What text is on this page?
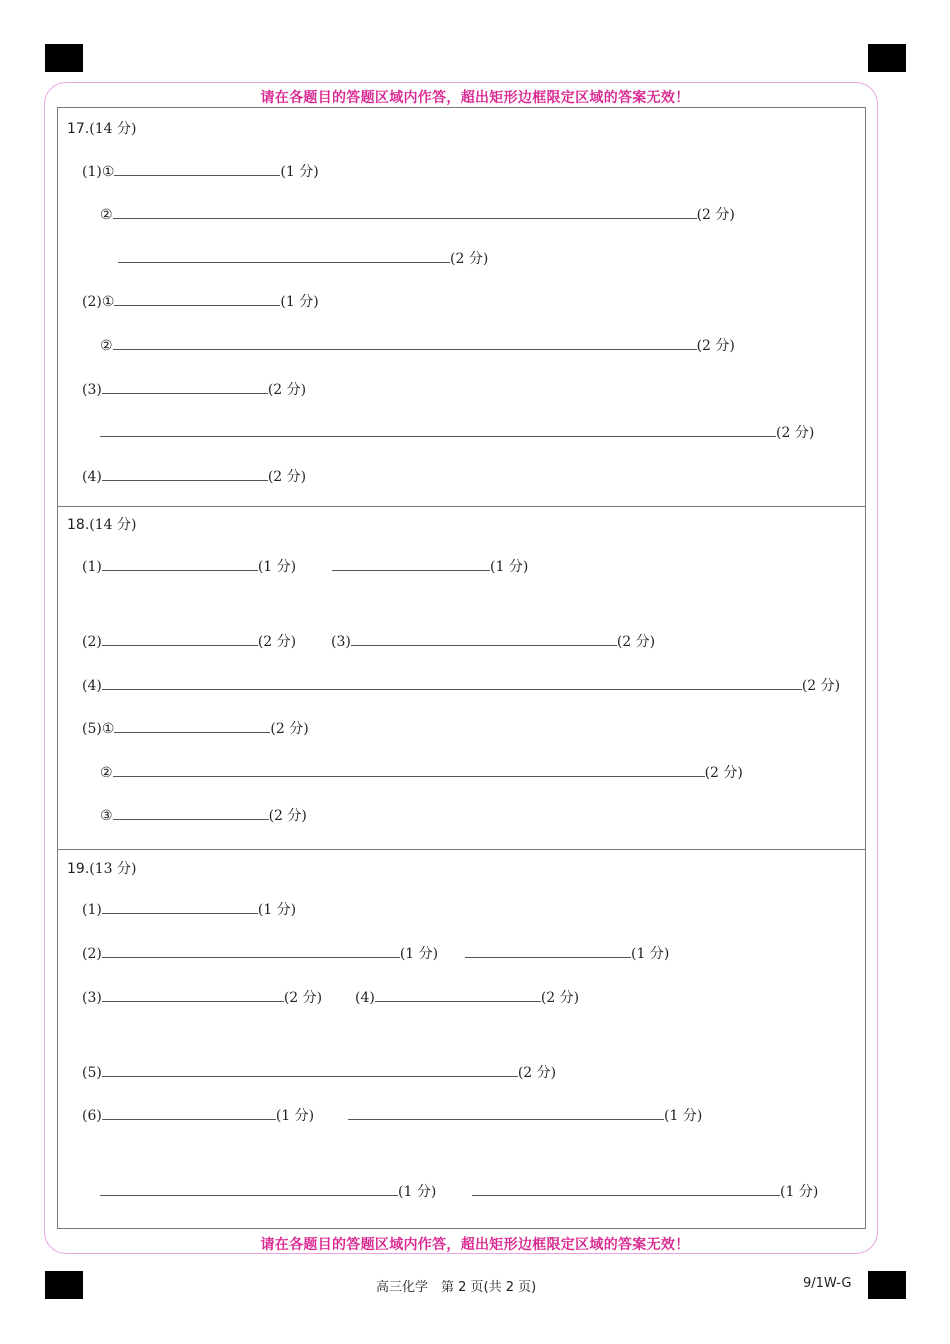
请在各题目的答题区域内作答，超出矩形边框限定区域的答案无效！
请在各题目的答题区域内作答，超出矩形边框限定区域的答案无效！
17.(14 分)
(1)①	(1 分)
②	(2 分)
(2 分)
(2)①	(1 分)
②	(2 分)
(3)	(2 分)
(2 分)
(4)	(2 分)
18.(14 分)
(1)	(1 分)	(1 分)
(2)	(2 分) (3)	(2 分)
(4)	(2 分)
(5)①	(2 分)
②	(2 分)
③	(2 分)
19.(13 分)
(1)	(1 分)
(2)	(1 分)	(1 分)
(3)	(2 分) (4)	(2 分)
(5)	(2 分)
(6)	(1 分)	(1 分)
(1 分)	(1 分)
高三化学　第 2 页(共 2 页)	9/1W-G
